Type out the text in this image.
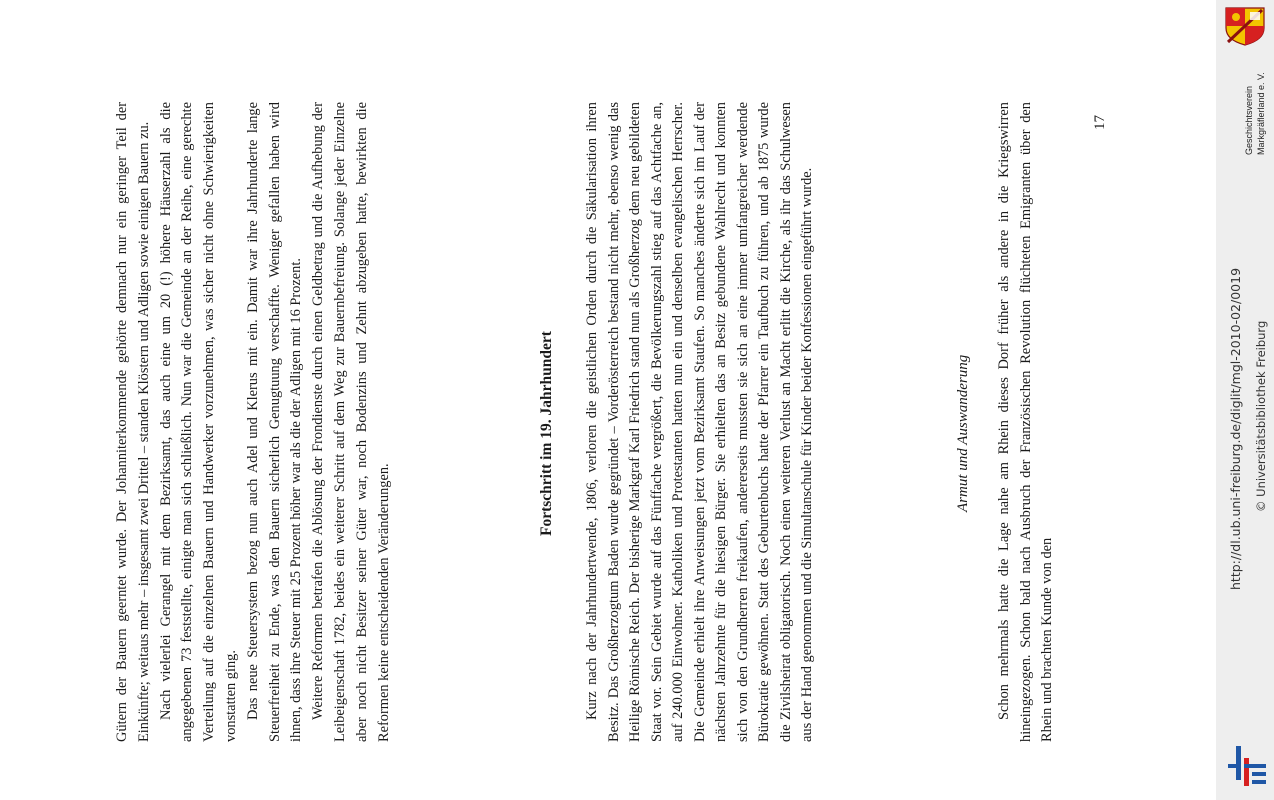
Gütern der Bauern geerntet wurde. Der Johanniterkommende gehörte demnach nur ein geringer Teil der Einkünfte; weitaus mehr – insgesamt zwei Drittel – standen Klöstern und Adligen sowie einigen Bauern zu. Nach vielerlei Gerangel mit dem Bezirksamt, das auch eine um 20 (!) höhere Häuserzahl als die angegebenen 73 feststellte, einigte man sich schließlich. Nun war die Gemeinde an der Reihe, eine gerechte Verteilung auf die einzelnen Bauern und Handwerker vorzunehmen, was sicher nicht ohne Schwierigkeiten vonstatten ging. Das neue Steuersystem bezog nun auch Adel und Klerus mit ein. Damit war ihre Jahrhunderte lange Steuerfreiheit zu Ende, was den Bauern sicherlich Genugtuung verschaffte. Weniger gefallen haben wird ihnen, dass ihre Steuer mit 25 Prozent höher war als die der Adligen mit 16 Prozent. Weitere Reformen betrafen die Ablösung der Frondienste durch einen Geldbetrag und die Aufhebung der Leibeigenschaft 1782, beides ein weiterer Schritt auf dem Weg zur Bauernbefreiung. Solange jeder Einzelne aber noch nicht Besitzer seiner Güter war, noch Bodenzins und Zehnt abzugeben hatte, bewirkten die Reformen keine entscheidenden Veränderungen.

Fortschritt im 19. Jahrhundert Kurz nach der Jahrhundertwende, 1806, verloren die geistlichen Orden durch die Säkularisation ihren Besitz. Das Großherzogtum Baden wurde gegründet – Vorderösterreich bestand nicht mehr, ebenso wenig das Heilige Römische Reich. Der bisherige Markgraf Karl Friedrich stand nun als Großherzog dem neu gebildeten Staat vor. Sein Gebiet wurde auf das Fünffache vergrößert, die Bevölkerungszahl stieg auf das Achtfache an, auf 240.000 Einwohner. Katholiken und Protestanten hatten nun ein und denselben evangelischen Herrscher. Die Gemeinde erhielt ihre Anweisungen jetzt vom Bezirksamt Staufen. So manches änderte sich im Lauf der nächsten Jahrzehnte für die hiesigen Bürger. Sie erhielten das an Besitz gebundene Wahlrecht und konnten sich von den Grundherren freikaufen, andererseits mussten sie sich an eine immer umfangreicher werdende Bürokratie gewöhnen. Statt des Geburtenbuchs hatte der Pfarrer ein Taufbuch zu führen, und ab 1875 wurde die Zivilsheirat obligatorisch. Noch einen weiteren Verlust an Macht erlitt die Kirche, als ihr das Schulwesen aus der Hand genommen und die Simultanschule für Kinder beider Konfessionen eingeführt wurde.	Armut und Auswanderung Schon mehrmals hatte die Lage nahe am Rhein dieses Dorf früher als andere in die Kriegswirren hineingezogen. Schon bald nach Ausbruch der Französischen Revolution flüchteten Emigranten über den Rhein und brachten Kunde von den

17	Geschichtsverein Markgräflerland e. V.
http://dl.ub.uni-freiburg.de/diglit/mgl-2010-02/0019 © Universitätsbibliothek Freiburg
